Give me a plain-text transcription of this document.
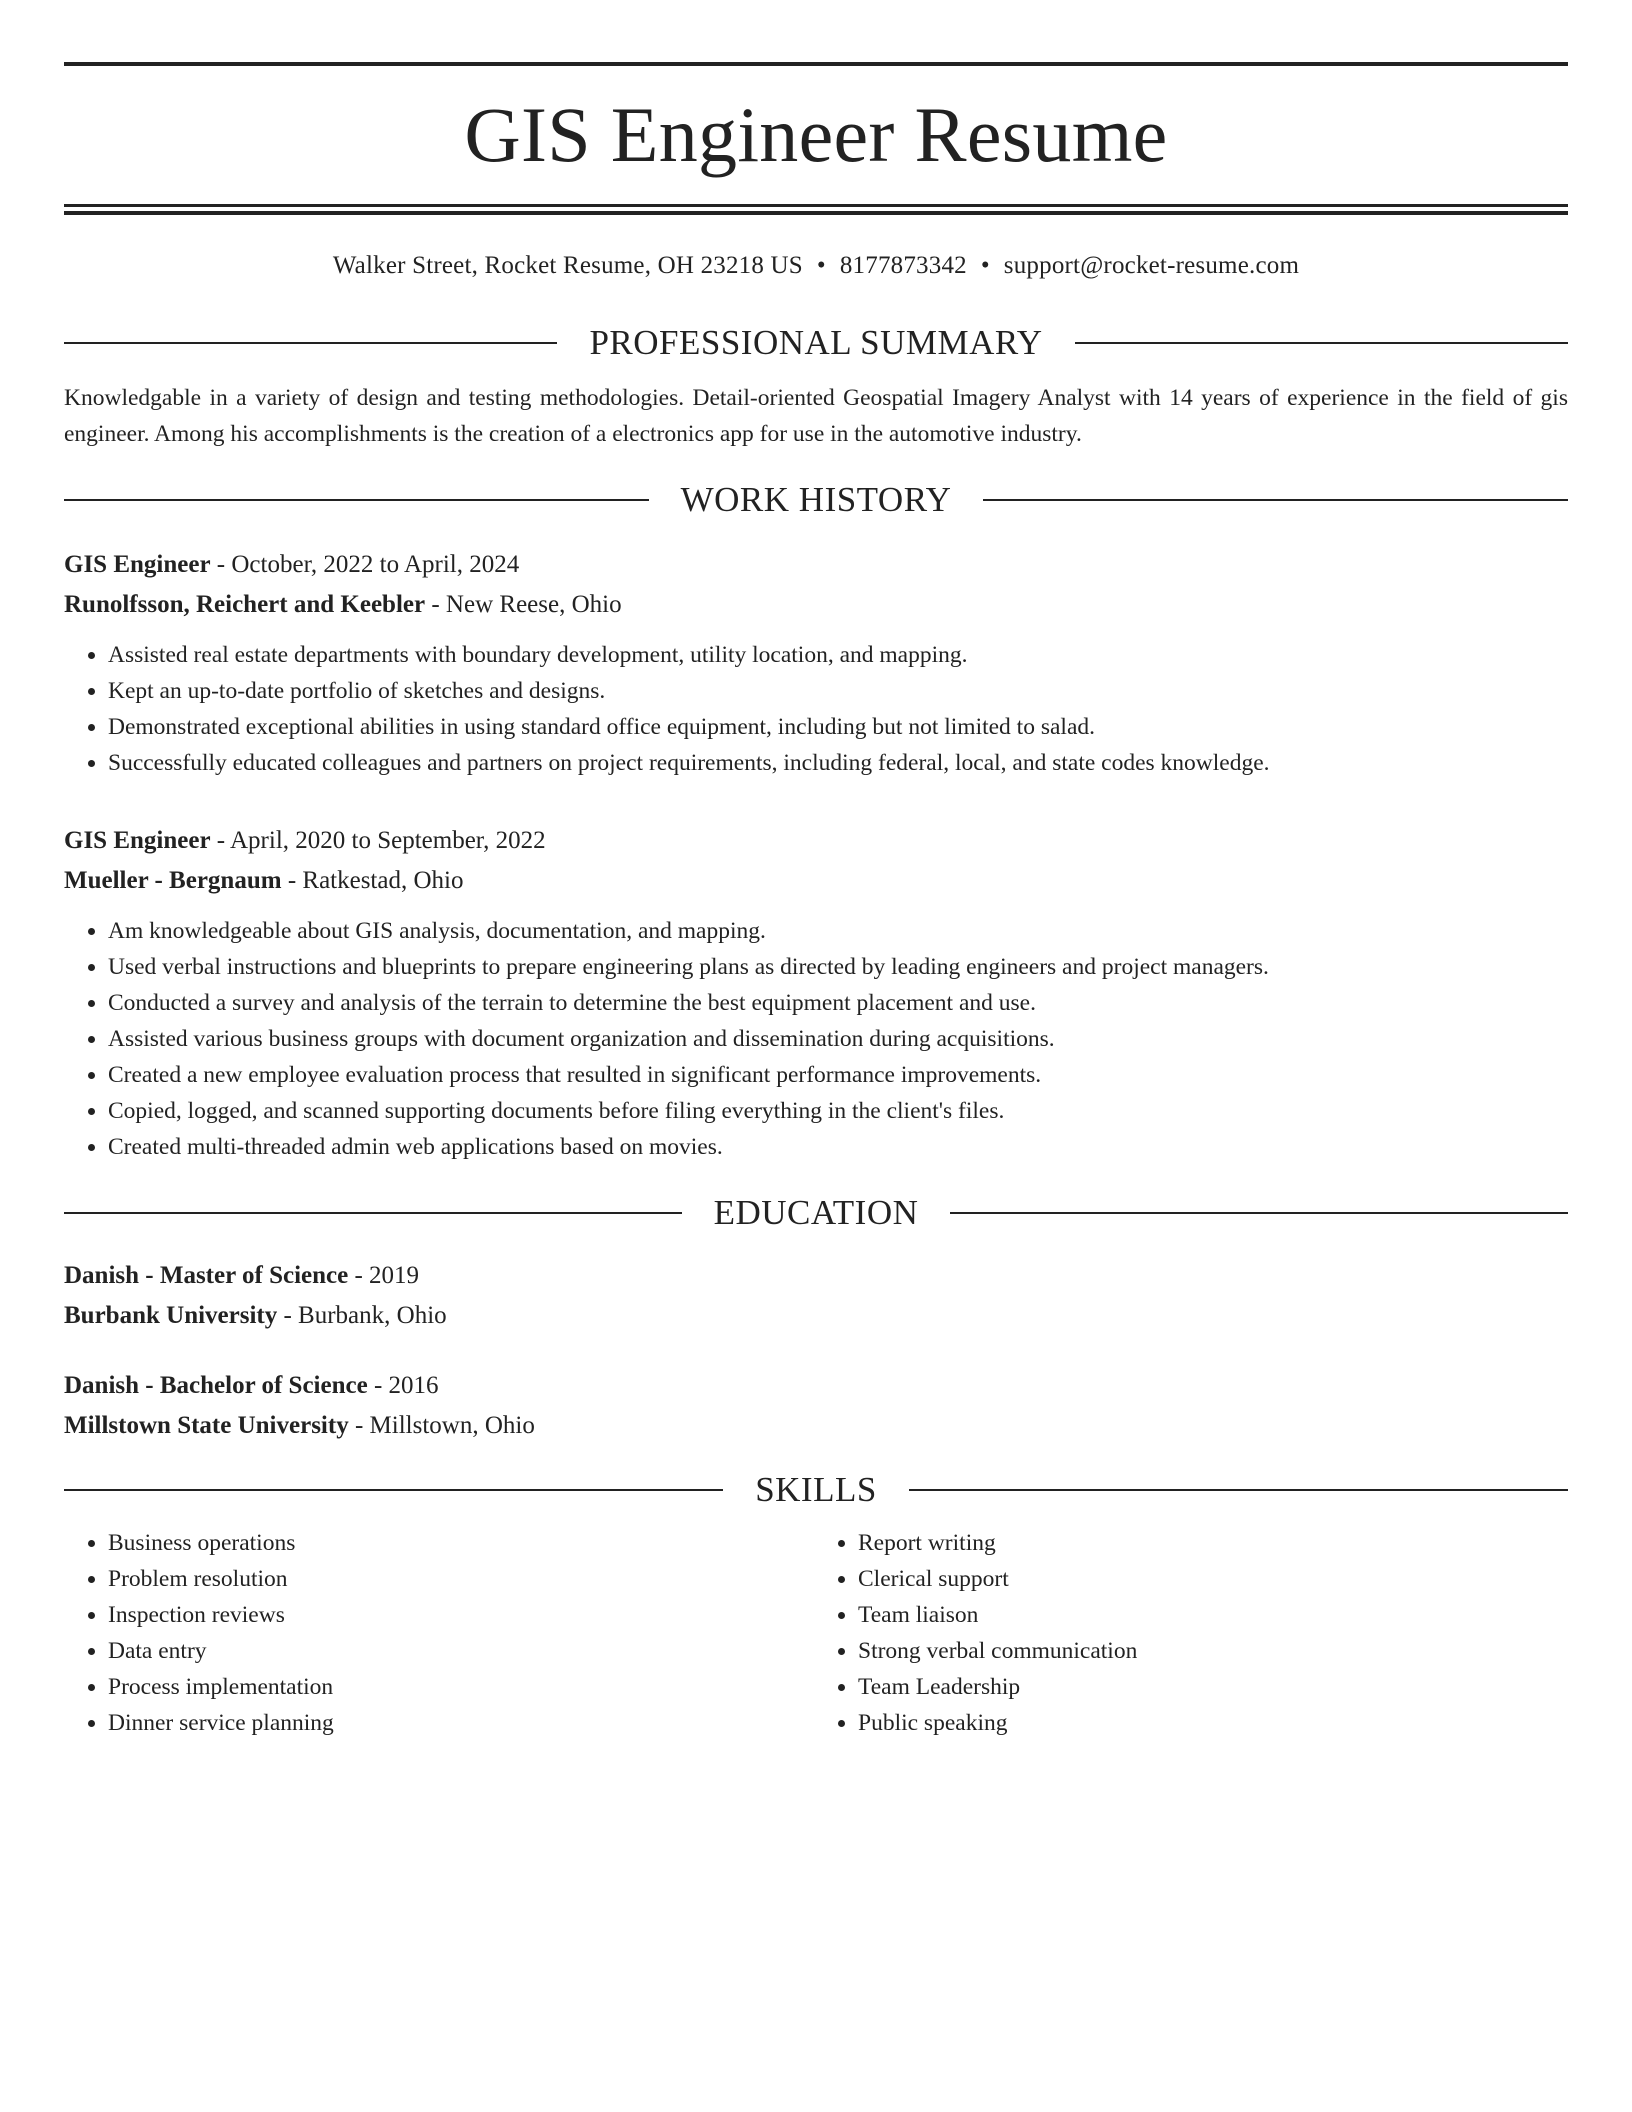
GIS Engineer Resume
Walker Street, Rocket Resume, OH 23218 US • 8177873342 • support@rocket-resume.com
PROFESSIONAL SUMMARY
Knowledgable in a variety of design and testing methodologies. Detail-oriented Geospatial Imagery Analyst with 14 years of experience in the field of gis engineer. Among his accomplishments is the creation of a electronics app for use in the automotive industry.
WORK HISTORY
GIS Engineer - October, 2022 to April, 2024
Runolfsson, Reichert and Keebler - New Reese, Ohio
• Assisted real estate departments with boundary development, utility location, and mapping.
• Kept an up-to-date portfolio of sketches and designs.
• Demonstrated exceptional abilities in using standard office equipment, including but not limited to salad.
• Successfully educated colleagues and partners on project requirements, including federal, local, and state codes knowledge.
GIS Engineer - April, 2020 to September, 2022
Mueller - Bergnaum - Ratkestad, Ohio
• Am knowledgeable about GIS analysis, documentation, and mapping.
• Used verbal instructions and blueprints to prepare engineering plans as directed by leading engineers and project managers.
• Conducted a survey and analysis of the terrain to determine the best equipment placement and use.
• Assisted various business groups with document organization and dissemination during acquisitions.
• Created a new employee evaluation process that resulted in significant performance improvements.
• Copied, logged, and scanned supporting documents before filing everything in the client's files.
• Created multi-threaded admin web applications based on movies.
EDUCATION
Danish - Master of Science - 2019
Burbank University - Burbank, Ohio
Danish - Bachelor of Science - 2016
Millstown State University - Millstown, Ohio
SKILLS
• Business operations
• Problem resolution
• Inspection reviews
• Data entry
• Process implementation
• Dinner service planning
• Report writing
• Clerical support
• Team liaison
• Strong verbal communication
• Team Leadership
• Public speaking
